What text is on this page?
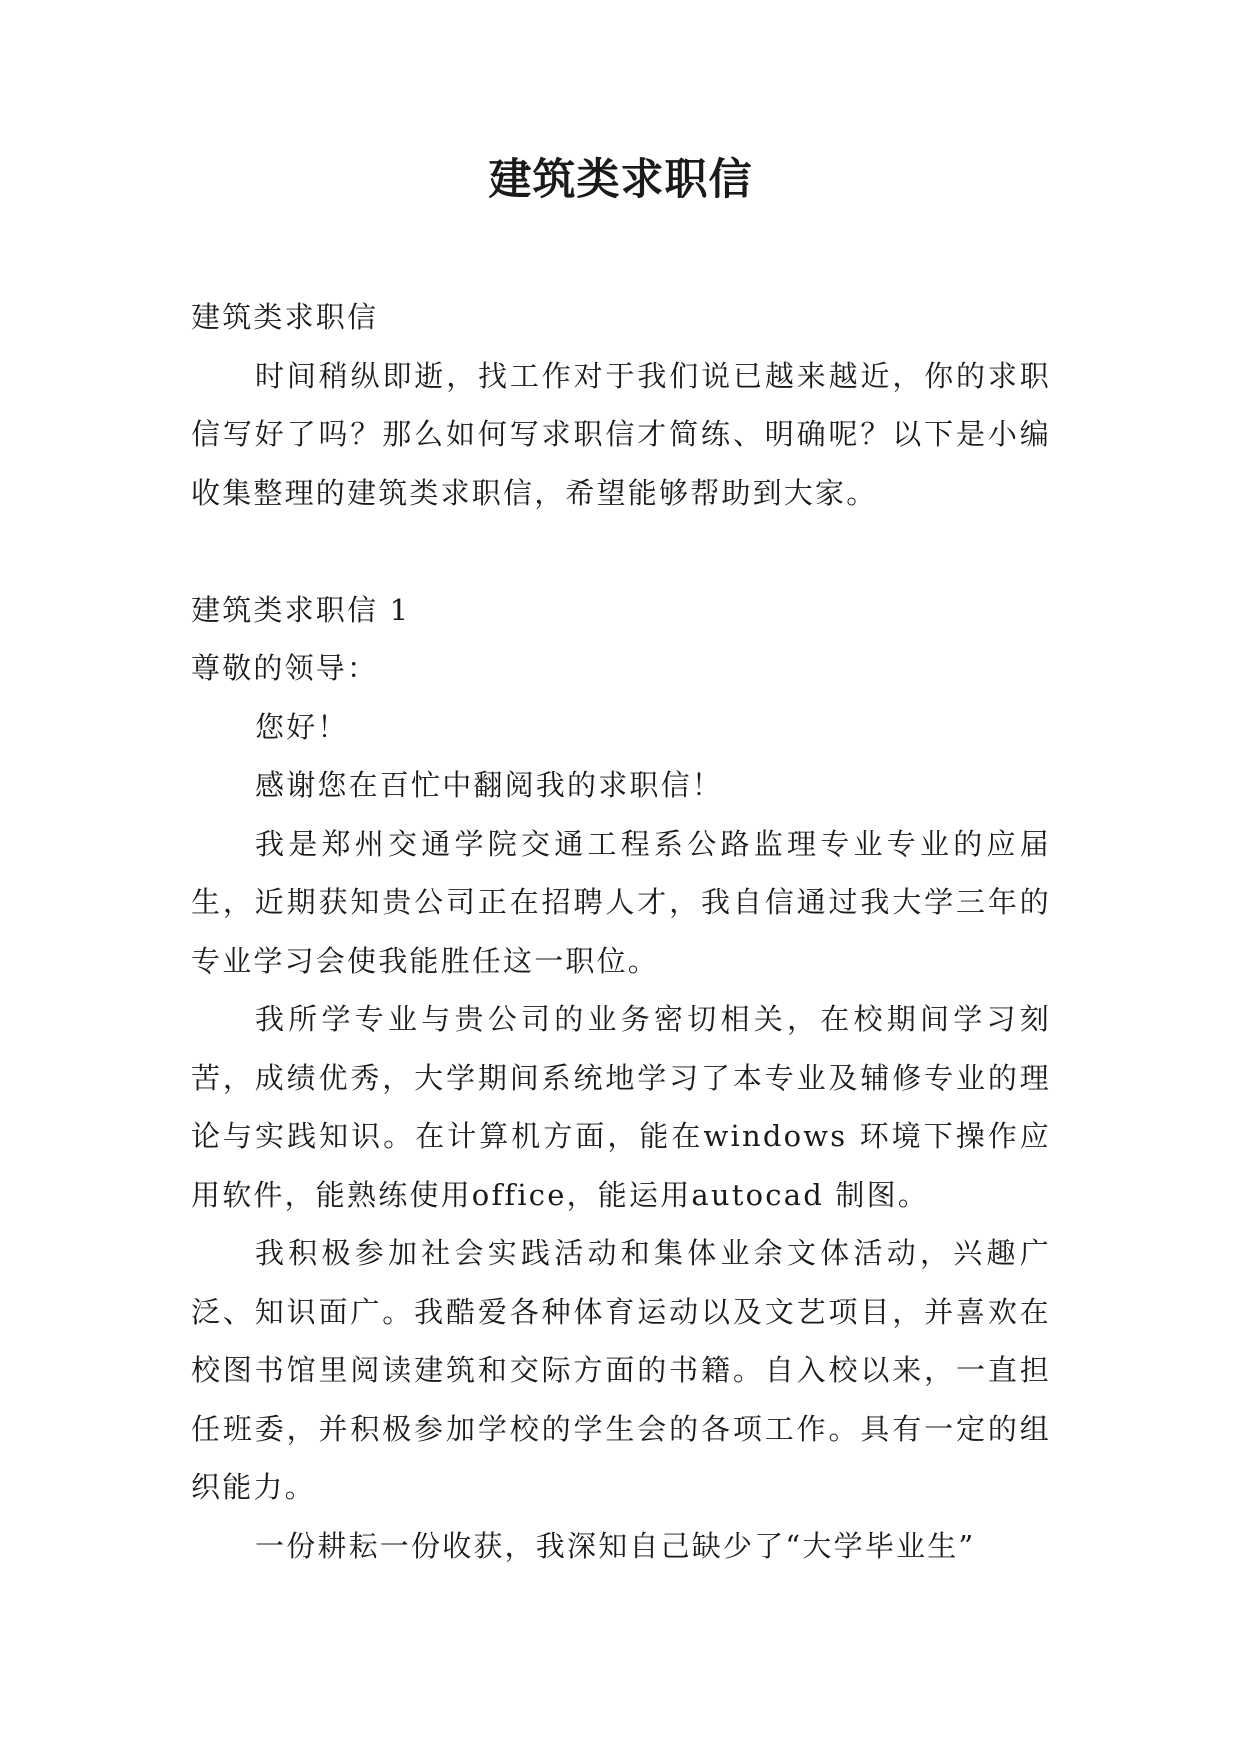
建筑类求职信

建筑类求职信

时间稍纵即逝，找工作对于我们说已越来越近，你的求职信写好了吗？那么如何写求职信才简练、明确呢？以下是小编收集整理的建筑类求职信，希望能够帮助到大家。

建筑类求职信 1

尊敬的领导：

您好！

感谢您在百忙中翻阅我的求职信！

我是郑州交通学院交通工程系公路监理专业专业的应届生，近期获知贵公司正在招聘人才，我自信通过我大学三年的专业学习会使我能胜任这一职位。

我所学专业与贵公司的业务密切相关，在校期间学习刻苦，成绩优秀，大学期间系统地学习了本专业及辅修专业的理论与实践知识。在计算机方面，能在windows 环境下操作应用软件，能熟练使用office，能运用autocad 制图。

我积极参加社会实践活动和集体业余文体活动，兴趣广泛、知识面广。我酷爱各种体育运动以及文艺项目，并喜欢在校图书馆里阅读建筑和交际方面的书籍。自入校以来，一直担任班委，并积极参加学校的学生会的各项工作。具有一定的组织能力。

一份耕耘一份收获，我深知自己缺少了“大学毕业生”
